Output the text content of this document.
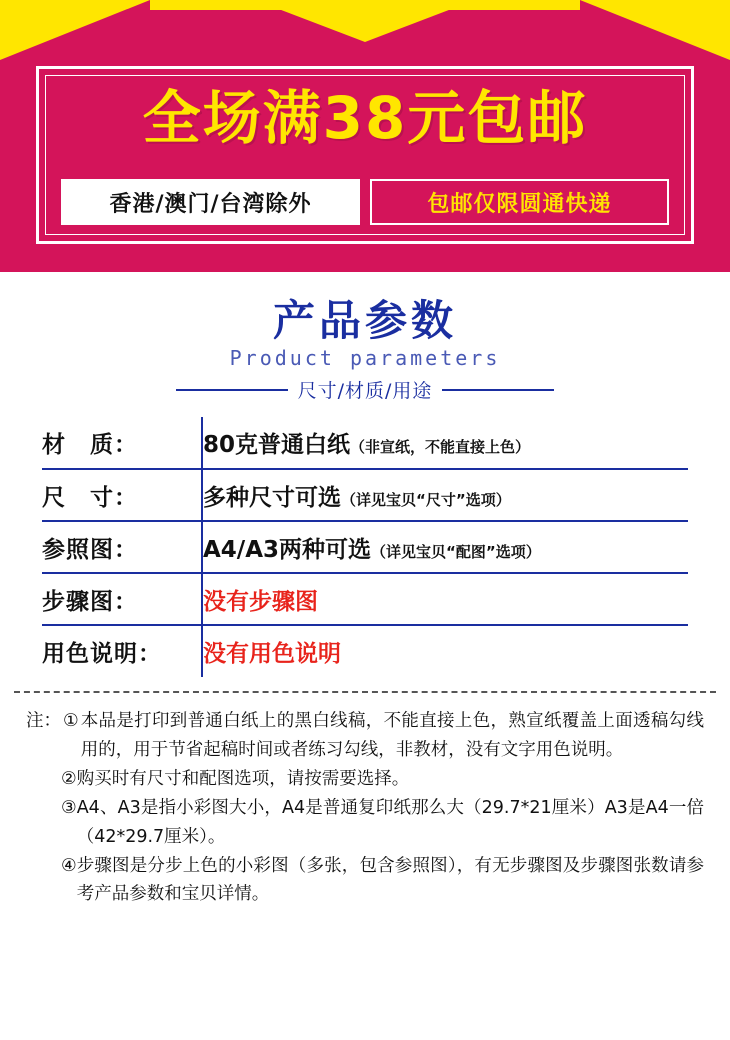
全场满38元包邮
香港/澳门/台湾除外	包邮仅限圆通快递
产品参数
Product parameters
尺寸/材质/用途
材　质：	80克普通白纸（非宣纸，不能直接上色）
尺　寸：	多种尺寸可选（详见宝贝“尺寸”选项）
参照图：	A4/A3两种可选（详见宝贝“配图”选项）
步骤图：	没有步骤图
用色说明：	没有用色说明
注： ① 本品是打印到普通白纸上的黑白线稿，不能直接上色，熟宣纸覆盖上面透稿勾线用的，用于节省起稿时间或者练习勾线，非教材，没有文字用色说明。
② 购买时有尺寸和配图选项，请按需要选择。
③ A4、A3是指小彩图大小，A4是普通复印纸那么大（29.7*21厘米）A3是A4一倍（42*29.7厘米）。
④ 步骤图是分步上色的小彩图（多张，包含参照图），有无步骤图及步骤图张数请参考产品参数和宝贝详情。
